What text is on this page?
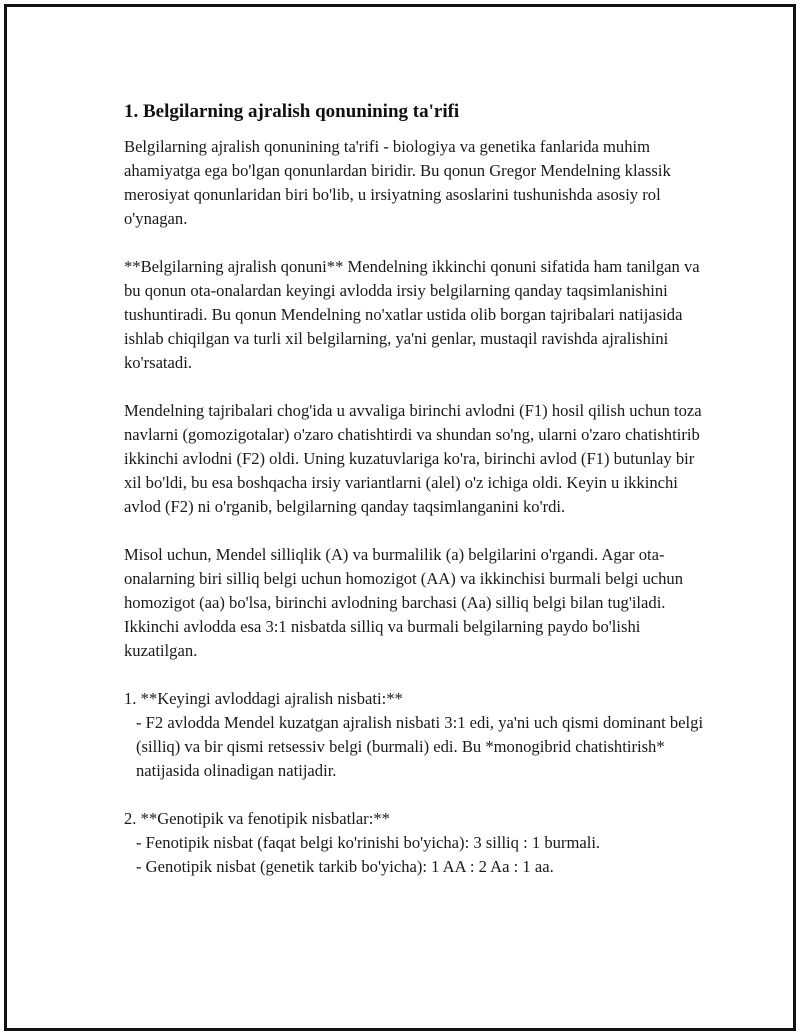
1. Belgilarning ajralish qonunining ta'rifi

Belgilarning ajralish qonunining ta'rifi - biologiya va genetika fanlarida muhim ahamiyatga ega bo'lgan qonunlardan biridir. Bu qonun Gregor Mendelning klassik merosiyat qonunlaridan biri bo'lib, u irsiyatning asoslarini tushunishda asosiy rol o'ynagan.

**Belgilarning ajralish qonuni** Mendelning ikkinchi qonuni sifatida ham tanilgan va bu qonun ota-onalardan keyingi avlodda irsiy belgilarning qanday taqsimlanishini tushuntiradi. Bu qonun Mendelning no'xatlar ustida olib borgan tajribalari natijasida ishlab chiqilgan va turli xil belgilarning, ya'ni genlar, mustaqil ravishda ajralishini ko'rsatadi.

Mendelning tajribalari chog'ida u avvaliga birinchi avlodni (F1) hosil qilish uchun toza navlarni (gomozigotalar) o'zaro chatishtirdi va shundan so'ng, ularni o'zaro chatishtirib ikkinchi avlodni (F2) oldi. Uning kuzatuvlariga ko'ra, birinchi avlod (F1) butunlay bir xil bo'ldi, bu esa boshqacha irsiy variantlarni (alel) o'z ichiga oldi. Keyin u ikkinchi avlod (F2) ni o'rganib, belgilarning qanday taqsimlanganini ko'rdi.

Misol uchun, Mendel silliqlik (A) va burmalilik (a) belgilarini o'rgandi. Agar ota-onalarning biri silliq belgi uchun homozigot (AA) va ikkinchisi burmali belgi uchun homozigot (aa) bo'lsa, birinchi avlodning barchasi (Aa) silliq belgi bilan tug'iladi. Ikkinchi avlodda esa 3:1 nisbatda silliq va burmali belgilarning paydo bo'lishi kuzatilgan.

1. **Keyingi avloddagi ajralish nisbati:**
- F2 avlodda Mendel kuzatgan ajralish nisbati 3:1 edi, ya'ni uch qismi dominant belgi (silliq) va bir qismi retsessiv belgi (burmali) edi. Bu *monogibrid chatishtirish* natijasida olinadigan natijadir.
2. **Genotipik va fenotipik nisbatlar:**
- Fenotipik nisbat (faqat belgi ko'rinishi bo'yicha): 3 silliq : 1 burmali.
- Genotipik nisbat (genetik tarkib bo'yicha): 1 AA : 2 Aa : 1 aa.
